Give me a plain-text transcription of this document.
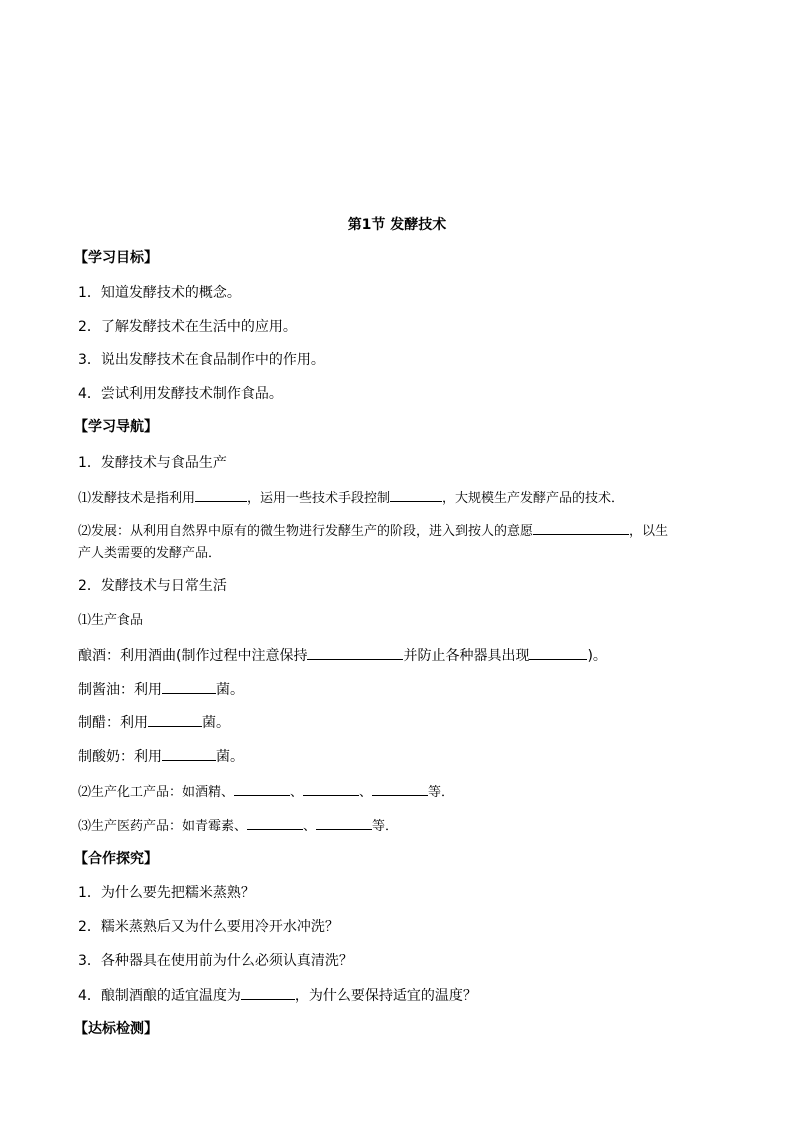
第1节 发酵技术
【学习目标】
1．知道发酵技术的概念。
2．了解发酵技术在生活中的应用。
3．说出发酵技术在食品制作中的作用。
4．尝试利用发酵技术制作食品。
【学习导航】
1．发酵技术与食品生产
⑴发酵技术是指利用	，运用一些技术手段控制	，大规模生产发酵产品的技术．
⑵发展：从利用自然界中原有的微生物进行发酵生产的阶段，进入到按人的意愿	，以生
产人类需要的发酵产品．
2．发酵技术与日常生活
⑴生产食品
酿酒：利用酒曲(制作过程中注意保持	并防止各种器具出现	)。
制酱油：利用	菌。
制醋：利用	菌。
制酸奶：利用	菌。
⑵生产化工产品：如酒精、	、	、	等．
⑶生产医药产品：如青霉素、	、	等．
【合作探究】
1．为什么要先把糯米蒸熟？
2．糯米蒸熟后又为什么要用冷开水冲洗？
3．各种器具在使用前为什么必须认真清洗？
4．酿制酒酿的适宜温度为	，为什么要保持适宜的温度？
【达标检测】
